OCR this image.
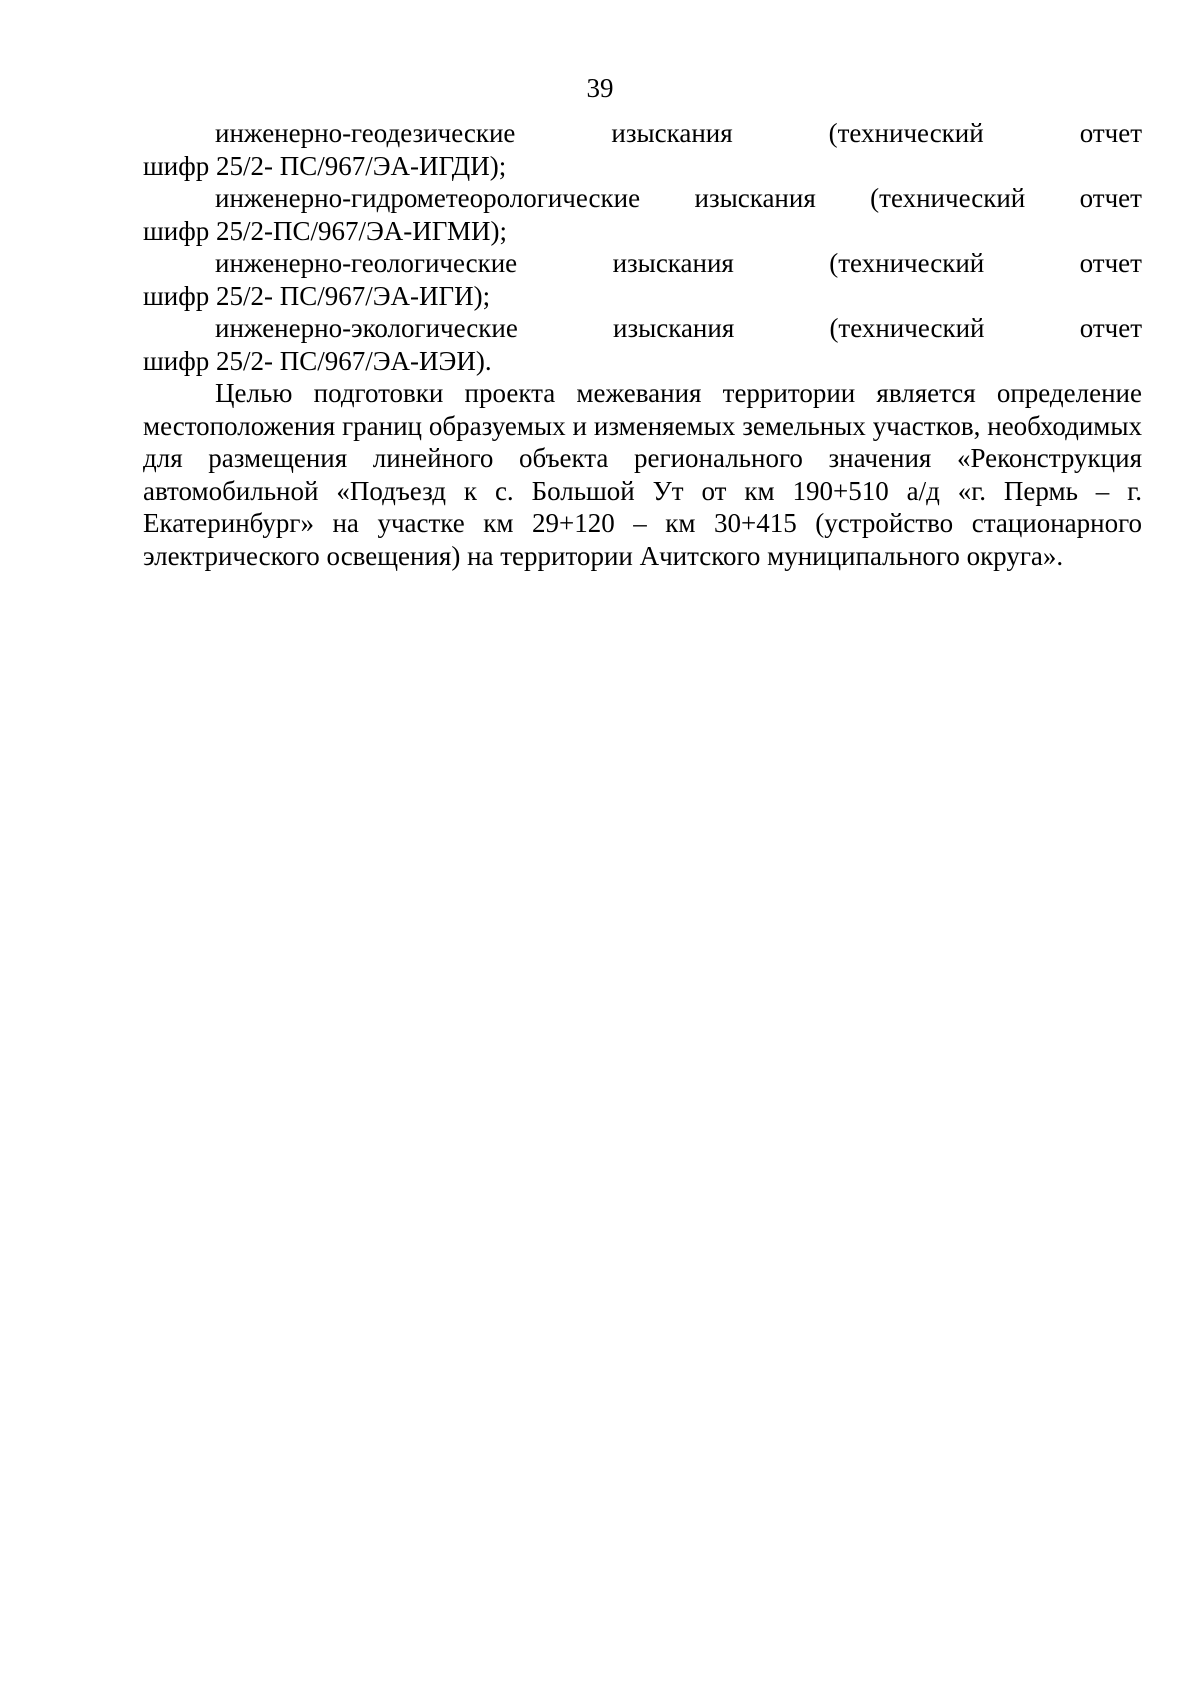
39
инженерно-геодезические	изыскания	(технический	отчет
шифр 25/2- ПС/967/ЭА-ИГДИ);
инженерно-гидрометеорологические изыскания (технический отчет
шифр 25/2-ПС/967/ЭА-ИГМИ);
инженерно-геологические	изыскания	(технический	отчет
шифр 25/2- ПС/967/ЭА-ИГИ);
инженерно-экологические	изыскания	(технический	отчет
шифр 25/2- ПС/967/ЭА-ИЭИ).

Целью подготовки проекта межевания территории является определение местоположения границ образуемых и изменяемых земельных участков, необходимых для размещения линейного объекта регионального значения «Реконструкция автомобильной «Подъезд к с. Большой Ут от км 190+510 а/д «г. Пермь – г. Екатеринбург» на участке км 29+120 – км 30+415 (устройство стационарного электрического освещения) на территории Ачитского муниципального округа».
